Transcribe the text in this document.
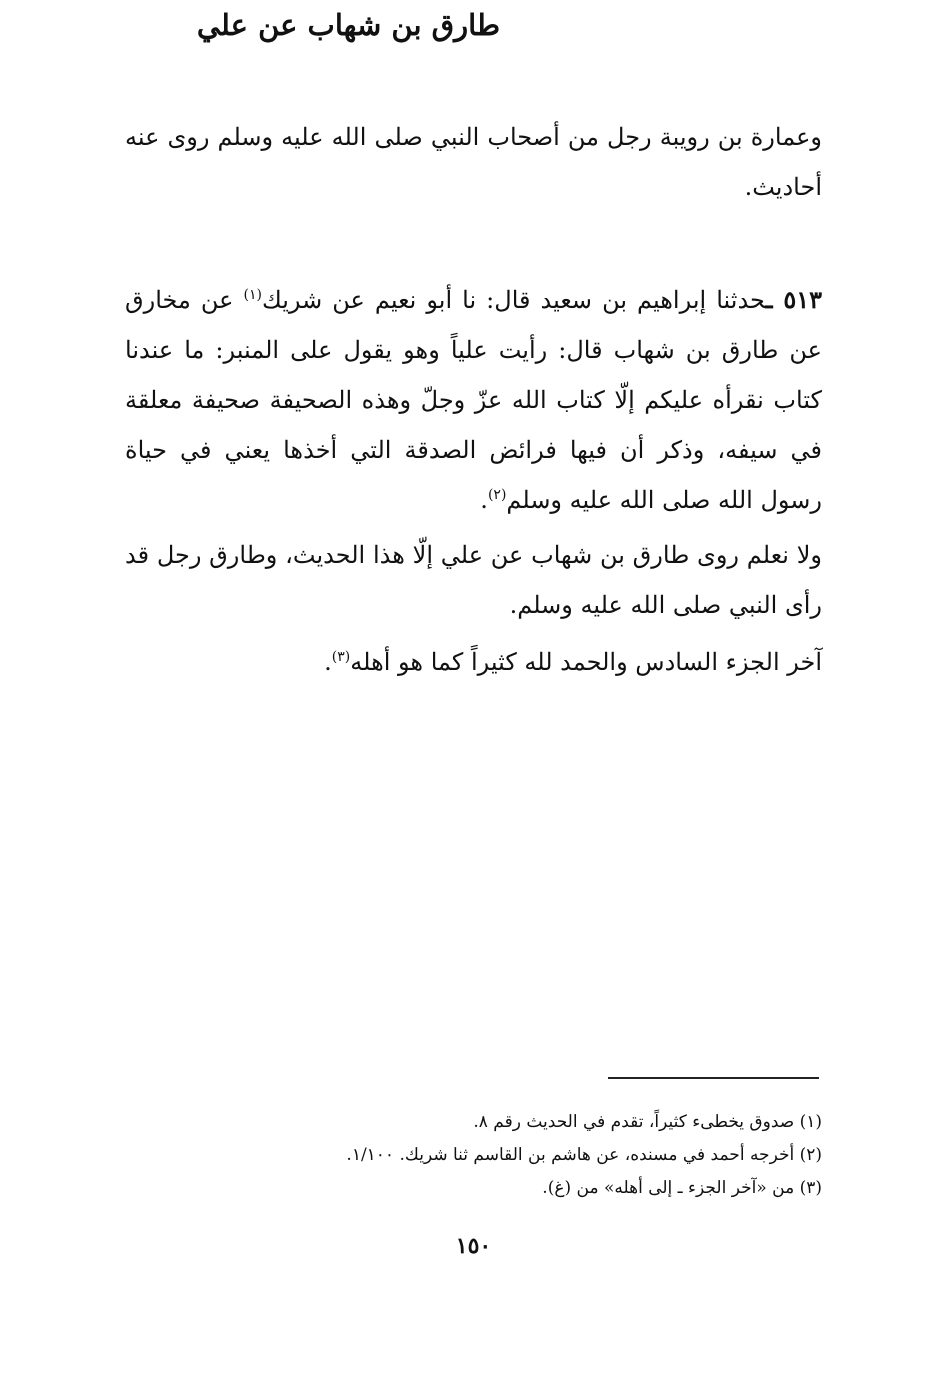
وعمارة بن رويبة رجل من أصحاب النبي صلى الله عليه وسلم روى عنه أحاديث.

طارق بن شهاب عن علي

٥١٣ ـحدثنا إبراهيم بن سعيد قال: نا أبو نعيم عن شريك$^{(١)}$ عن مخارق عن طارق بن شهاب قال: رأيت علياً وهو يقول على المنبر: ما عندنا كتاب نقرأه عليكم إلّا كتاب الله عزّ وجلّ وهذه الصحيفة صحيفة معلقة في سيفه، وذكر أن فيها فرائض الصدقة التي أخذها يعني في حياة رسول الله صلى الله عليه وسلم$^{(٢)}$.

ولا نعلم روى طارق بن شهاب عن علي إلّا هذا الحديث، وطارق رجل قد رأى النبي صلى الله عليه وسلم.

آخر الجزء السادس والحمد لله كثيراً كما هو أهله$^{(٣)}$.

(١) صدوق يخطىء كثيراً، تقدم في الحديث رقم ٨.

(٢) أخرجه أحمد في مسنده، عن هاشم بن القاسم ثنا شريك. ١/١٠٠.

(٣) من «آخر الجزء ـ إلى أهله» من (غ).

١٥٠
